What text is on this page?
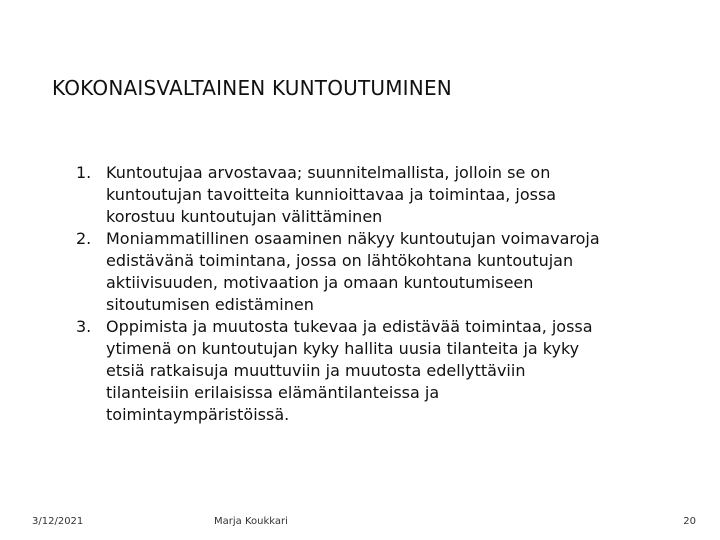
KOKONAISVALTAINEN KUNTOUTUMINEN
1. Kuntoutujaa arvostavaa; suunnitelmallista, jolloin se on kuntoutujan tavoitteita kunnioittavaa ja toimintaa, jossa korostuu kuntoutujan välittäminen
2. Moniammatillinen osaaminen näkyy kuntoutujan voimavaroja edistävänä toimintana, jossa on lähtökohtana kuntoutujan aktiivisuuden, motivaation ja omaan kuntoutumiseen sitoutumisen edistäminen
3. Oppimista ja muutosta tukevaa ja edistävää toimintaa, jossa ytimenä on kuntoutujan kyky hallita uusia tilanteita ja kyky etsiä ratkaisuja muuttuviin ja muutosta edellyttäviin tilanteisiin erilaisissa elämäntilanteissa ja toimintaympäristöissä.
3/12/2021	Marja Koukkari	20
